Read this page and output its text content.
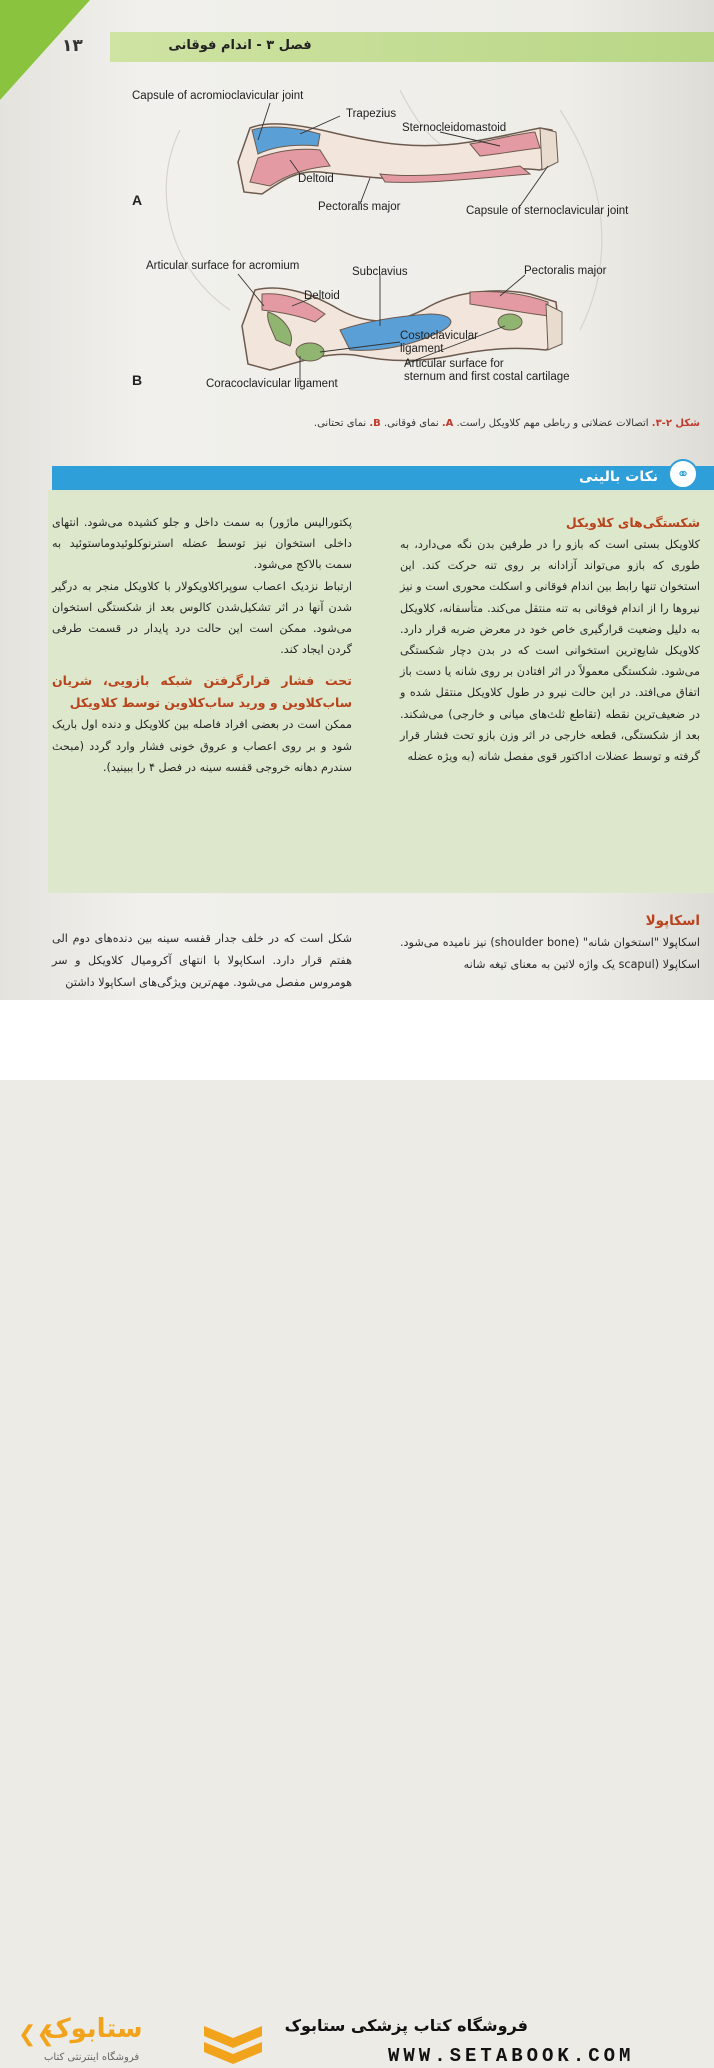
۱۳	فصل ۳ - اندام فوقانی
Capsule of acromioclavicular joint
Trapezius
Sternocleidomastoid
Deltoid
A	Pectoralis major	Capsule of sternoclavicular joint
Articular surface for acromium	Subclavius	Pectoralis major
Deltoid
Costoclavicular
ligament
Articular surface for
sternum and first costal cartilage
B	Coracoclavicular ligament
شکل ۲-۳. اتصالات عضلانی و رباطی مهم کلاویکل راست. A. نمای فوقانی. B. نمای تحتانی.
نکات بالینی	⚭
شکستگی‌های کلاویکل
کلاویکل بستی است که بازو را در طرفین بدن نگه می‌دارد، به طوری که بازو می‌تواند آزادانه بر روی تنه حرکت کند. این استخوان تنها رابط بین اندام فوقانی و اسکلت محوری است و نیز نیروها را از اندام فوقانی به تنه منتقل می‌کند. متأسفانه، کلاویکل به دلیل وضعیت قرارگیری خاص خود در معرض ضربه قرار دارد. کلاویکل شایع‌ترین استخوانی است که در بدن دچار شکستگی می‌شود. شکستگی معمولاً در اثر افتادن بر روی شانه یا دست باز اتفاق می‌افتد. در این حالت نیرو در طول کلاویکل منتقل شده و در ضعیف‌ترین نقطه (تقاطع ثلث‌های میانی و خارجی) می‌شکند. بعد از شکستگی، قطعه خارجی در اثر وزن بازو تحت فشار قرار گرفته و توسط عضلات اداکتور قوی مفصل شانه (به ویژه عضله
پکتورالیس ماژور) به سمت داخل و جلو کشیده می‌شود. انتهای داخلی استخوان نیز توسط عضله استرنوکلوئیدوماستوئید به سمت بالاکج می‌شود.
ارتباط نزدیک اعصاب سوپراکلاویکولار با کلاویکل منجر به درگیر شدن آنها در اثر تشکیل‌شدن کالوس بعد از شکستگی استخوان می‌شود. ممکن است این حالت درد پایدار در قسمت طرفی گردن ایجاد کند.
تحت فشار قرارگرفتن شبکه بازویی، شریان ساب‌کلاوین و ورید ساب‌کلاوین توسط کلاویکل
ممکن است در بعضی افراد فاصله بین کلاویکل و دنده اول باریک شود و بر روی اعصاب و عروق خونی فشار وارد گردد (مبحث سندرم دهانه خروجی قفسه سینه در فصل ۴ را ببینید).
اسکاپولا
اسکاپولا "استخوان شانه" (shoulder bone) نیز نامیده می‌شود. اسکاپولا (scapul یک واژه لاتین به معنای تیغه شانه
شکل است که در خلف جدار قفسه سینه بین دنده‌های دوم الی هفتم قرار دارد. اسکاپولا با انتهای آکرومیال کلاویکل و سر هومروس مفصل می‌شود. مهم‌ترین ویژگی‌های اسکاپولا داشتن
❮❮
ستابوک
فروشگاه اینترنتی کتاب
فروشگاه کتاب پزشکی ستابوک
WWW.SETABOOK.COM
